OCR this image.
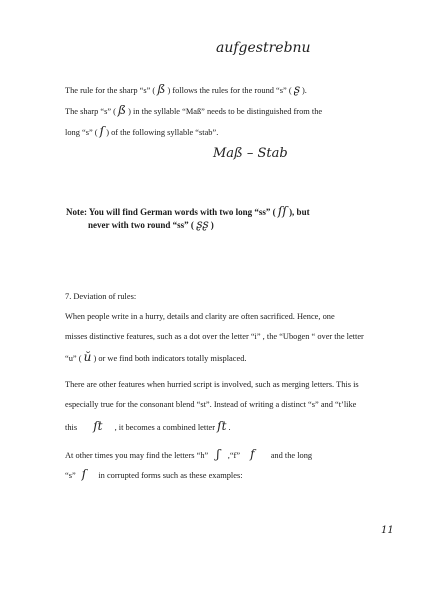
aufgestrebnu
The rule for the sharp “s” ( ß ) follows the rules for the round “s” ( ʂ ).
The sharp “s” ( ß ) in the syllable “Maß” needs to be distinguished from the
long “s” ( ſ ) of the following syllable “stab”.
Maß – Stab
Note: You will find German words with two long “ss” ( ſſ ), but
never with two round “ss” ( ʂʂ )
7. Deviation of rules:
When people write in a hurry, details and clarity are often sacrificed. Hence, one
misses distinctive features, such as a dot over the letter “i” , the “Ubogen “ over the letter
“u” ( ŭ ) or we find both indicators totally misplaced.
There are other features when hurried script is involved, such as merging letters. This is
especially true for the consonant blend “st”. Instead of writing a distinct “s” and “t’like
this ſt , it becomes a combined letter ſt .
At other times you may find the letters “h” ʃ ,“f” f and the long
“s” ſ in corrupted forms such as these examples:
11
